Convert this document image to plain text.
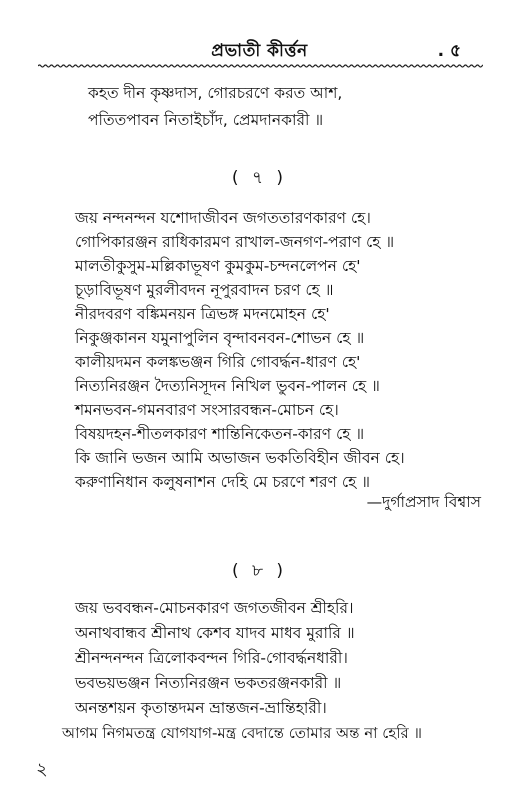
প্রভাতী কীর্ত্তন	. ৫
কহত দীন কৃষ্ণদাস, গোরচরণে করত আশ,
পতিতপাবন নিতাইচাঁদ, প্রেমদানকারী ॥
( ৭ )
জয় নন্দনন্দন যশোদাজীবন জগততারণকারণ হে।
গোপিকারঞ্জন রাধিকারমণ রাখাল-জনগণ-পরাণ হে ॥
মালতীকুসুম-মল্লিকাভূষণ কুমকুম-চন্দনলেপন হে'
চূড়াবিভূষণ মুরলীবদন নূপুরবাদন চরণ হে ॥
নীরদবরণ বঙ্কিমনয়ন ত্রিভঙ্গ মদনমোহন হে'
নিকুঞ্জকানন যমুনাপুলিন বৃন্দাবনবন-শোভন হে ॥
কালীয়দমন কলঙ্কভঞ্জন গিরি গোবর্দ্ধন-ধারণ হে'
নিত্যনিরঞ্জন দৈত্যনিসূদন নিখিল ভুবন-পালন হে ॥
শমনভবন-গমনবারণ সংসারবন্ধন-মোচন হে।
বিষয়দহন-শীতলকারণ শান্তিনিকেতন-কারণ হে ॥
কি জানি ভজন আমি অভাজন ভকতিবিহীন জীবন হে।
করুণানিধান কলুষনাশন দেহি মে চরণে শরণ হে ॥
—দুর্গাপ্রসাদ বিশ্বাস
( ৮ )
জয় ভববন্ধন-মোচনকারণ জগতজীবন শ্রীহরি।
অনাথবান্ধব শ্রীনাথ কেশব যাদব মাধব মুরারি ॥
শ্রীনন্দনন্দন ত্রিলোকবন্দন গিরি-গোবর্দ্ধনধারী।
ভবভয়ভঞ্জন নিত্যনিরঞ্জন ভকতরঞ্জনকারী ॥
অনন্তশয়ন কৃতান্তদমন ভ্রান্তজন-ভ্রান্তিহারী।
আগম নিগমতন্ত্র যোগযাগ-মন্ত্র বেদান্তে তোমার অন্ত না হেরি ॥
২
